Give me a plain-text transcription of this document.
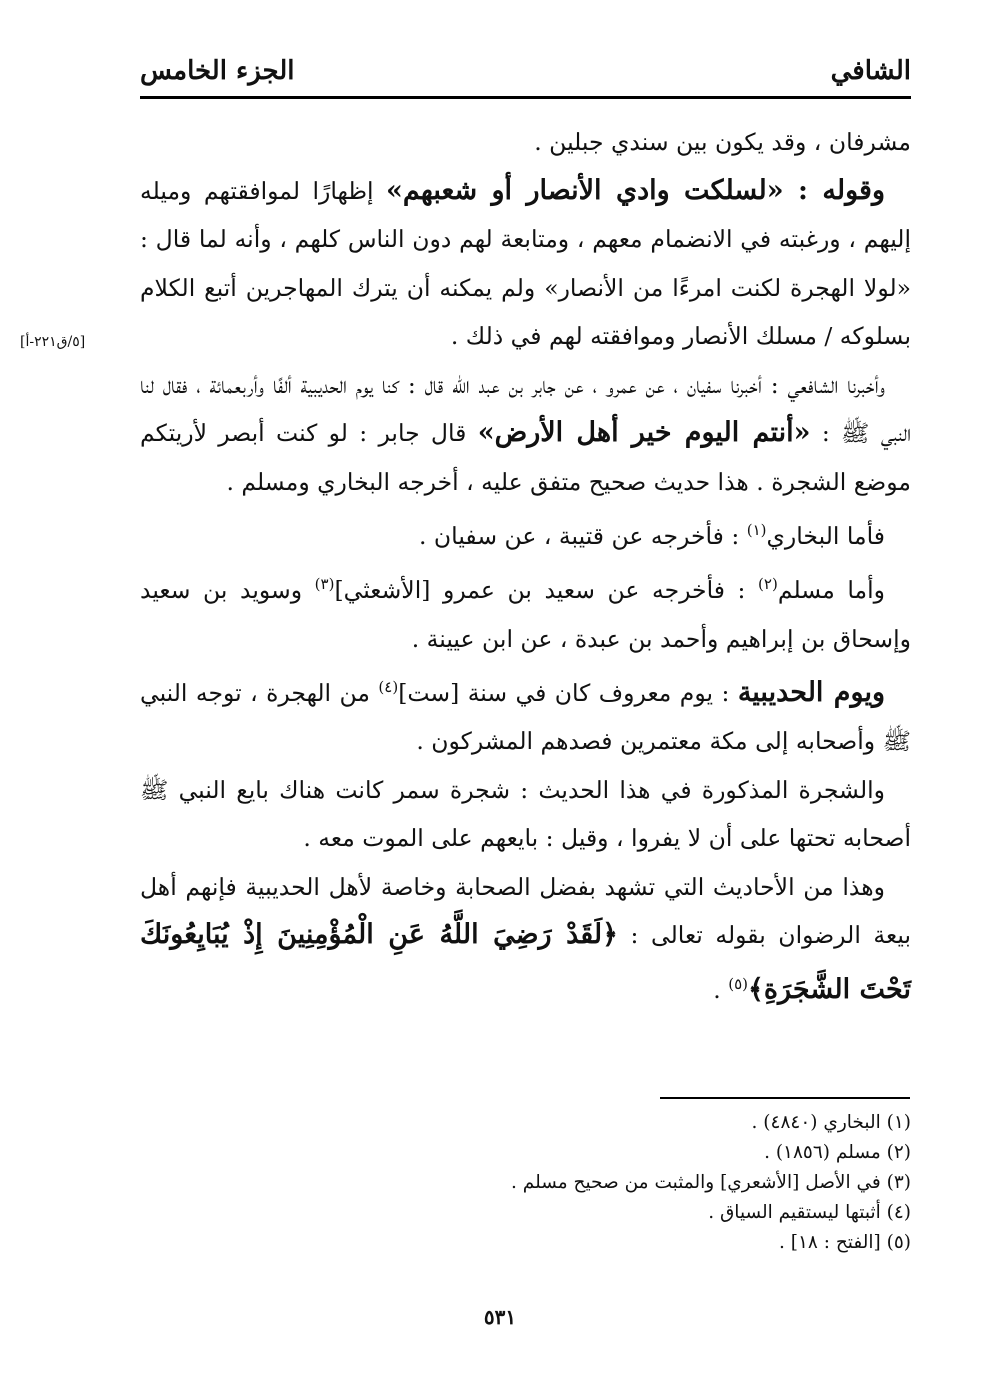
الشافي
الجزء الخامس
[٥/ق٢٢١-أ]

مشرفان ، وقد يكون بين سندي جبلين .

وقوله : «لسلكت وادي الأنصار أو شعبهم» إظهارًا لموافقتهم وميله إليهم ، ورغبته في الانضمام معهم ، ومتابعة لهم دون الناس كلهم ، وأنه لما قال : «لولا الهجرة لكنت امرءًا من الأنصار» ولم يمكنه أن يترك المهاجرين أتبع الكلام بسلوكه / مسلك الأنصار وموافقته لهم في ذلك .

وأخبرنا الشافعي : أخبرنا سفيان ، عن عمرو ، عن جابر بن عبد الله قال : كنا يوم الحديبية ألفًا وأربعمائة ، فقال لنا النبي ﷺ : «أنتم اليوم خير أهل الأرض» قال جابر : لو كنت أبصر لأريتكم موضع الشجرة . هذا حديث صحيح متفق عليه ، أخرجه البخاري ومسلم .

فأما البخاري$^{(١)}$ : فأخرجه عن قتيبة ، عن سفيان .

وأما مسلم$^{(٢)}$ : فأخرجه عن سعيد بن عمرو [الأشعثي]$^{(٣)}$ وسويد بن سعيد وإسحاق بن إبراهيم وأحمد بن عبدة ، عن ابن عيينة .

ويوم الحديبية : يوم معروف كان في سنة [ست]$^{(٤)}$ من الهجرة ، توجه النبي ﷺ وأصحابه إلى مكة معتمرين فصدهم المشركون .

والشجرة المذكورة في هذا الحديث : شجرة سمر كانت هناك بايع النبي ﷺ أصحابه تحتها على أن لا يفروا ، وقيل : بايعهم على الموت معه .

وهذا من الأحاديث التي تشهد بفضل الصحابة وخاصة لأهل الحديبية فإنهم أهل بيعة الرضوان بقوله تعالى : ﴿لَقَدْ رَضِيَ اللَّهُ عَنِ الْمُؤْمِنِينَ إِذْ يُبَايِعُونَكَ تَحْتَ الشَّجَرَةِ﴾$^{(٥)}$ .

(١) البخاري (٤٨٤٠) .

(٢) مسلم (١٨٥٦) .

(٣) في الأصل [الأشعري] والمثبت من صحيح مسلم .

(٤) أثبتها ليستقيم السياق .

(٥) [الفتح : ١٨] .

٥٣١
